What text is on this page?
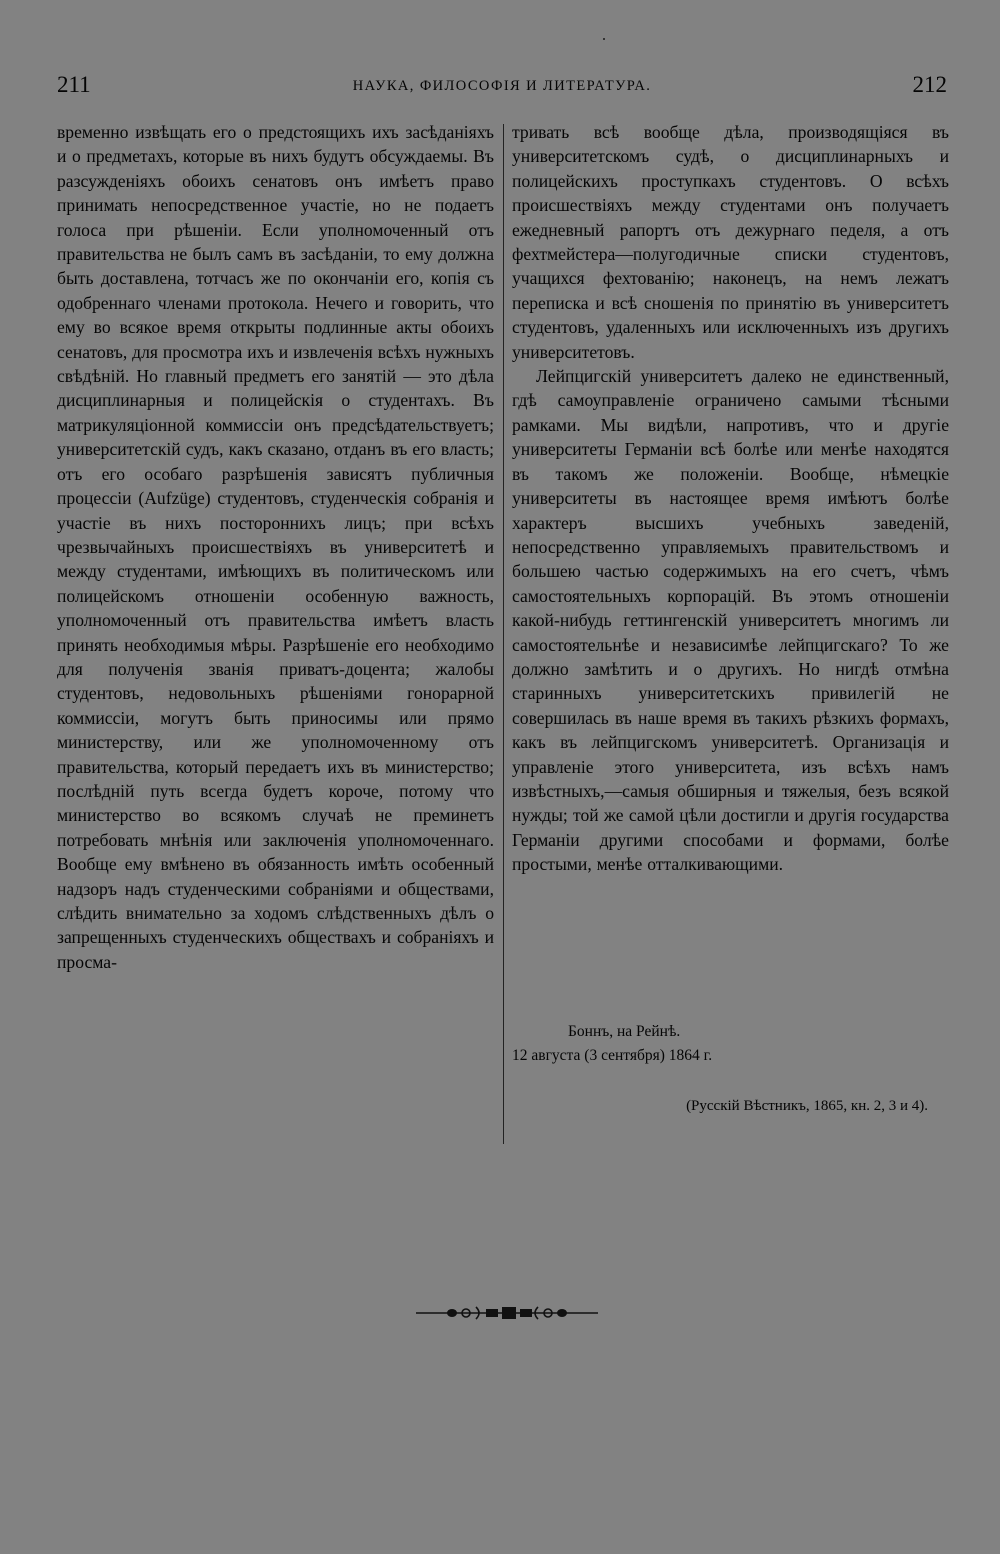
211	НАУКА, ФИЛОСОФІЯ И ЛИТЕРАТУРА.	212

временно извѣщать его о предстоящихъ ихъ засѣданіяхъ и о предметахъ, которые въ нихъ будутъ обсуждаемы. Въ разсужденіяхъ обоихъ сенатовъ онъ имѣетъ право принимать непосредственное участіе, но не подаетъ голоса при рѣшеніи. Если уполномоченный отъ правительства не былъ самъ въ засѣданіи, то ему должна быть доставлена, тотчасъ же по окончаніи его, копія съ одобреннаго членами протокола. Нечего и говорить, что ему во всякое время открыты подлинные акты обоихъ сенатовъ, для просмотра ихъ и извлеченія всѣхъ нужныхъ свѣдѣній. Но главный предметъ его занятій — это дѣла дисциплинарныя и полицейскія о студентахъ. Въ матрикуляціонной коммиссіи онъ предсѣдательствуетъ; университетскій судъ, какъ сказано, отданъ въ его власть; отъ его особаго разрѣшенія зависятъ публичныя процессіи (Aufzüge) студентовъ, студенческія собранія и участіе въ нихъ постороннихъ лицъ; при всѣхъ чрезвычайныхъ происшествіяхъ въ университетѣ и между студентами, имѣющихъ въ политическомъ или полицейскомъ отношеніи особенную важность, уполномоченный отъ правительства имѣетъ власть принять необходимыя мѣры. Разрѣшеніе его необходимо для полученія званія приватъ-доцента; жалобы студентовъ, недовольныхъ рѣшеніями гонорарной коммиссіи, могутъ быть приносимы или прямо министерству, или же уполномоченному отъ правительства, который передаетъ ихъ въ министерство; послѣдній путь всегда будетъ короче, потому что министерство во всякомъ случаѣ не преминетъ потребовать мнѣнія или заключенія уполномоченнаго. Вообще ему вмѣнено въ обязанность имѣть особенный надзоръ надъ студенческими собраніями и обществами, слѣдить внимательно за ходомъ слѣдственныхъ дѣлъ о запрещенныхъ студенческихъ обществахъ и собраніяхъ и просма-

тривать всѣ вообще дѣла, производящіяся въ университетскомъ судѣ, о дисциплинарныхъ и полицейскихъ проступкахъ студентовъ. О всѣхъ происшествіяхъ между студентами онъ получаетъ ежедневный рапортъ отъ дежурнаго педеля, а отъ фехтмейстера—полугодичные списки студентовъ, учащихся фехтованію; наконецъ, на немъ лежатъ переписка и всѣ сношенія по принятію въ университетъ студентовъ, удаленныхъ или исключенныхъ изъ другихъ университетовъ.

Лейпцигскій университетъ далеко не единственный, гдѣ самоуправленіе ограничено самыми тѣсными рамками. Мы видѣли, напротивъ, что и другіе университеты Германіи всѣ болѣе или менѣе находятся въ такомъ же положеніи. Вообще, нѣмецкіе университеты въ настоящее время имѣютъ болѣе характеръ высшихъ учебныхъ заведеній, непосредственно управляемыхъ правительствомъ и большею частью содержимыхъ на его счетъ, чѣмъ самостоятельныхъ корпорацій. Въ этомъ отношеніи какой-нибудь геттингенскій университетъ многимъ ли самостоятельнѣе и независимѣе лейпцигскаго? То же должно замѣтить и о другихъ. Но нигдѣ отмѣна старинныхъ университетскихъ привилегій не совершилась въ наше время въ такихъ рѣзкихъ формахъ, какъ въ лейпцигскомъ университетѣ. Организація и управленіе этого университета, изъ всѣхъ намъ извѣстныхъ,—самыя обширныя и тяжелыя, безъ всякой нужды; той же самой цѣли достигли и другія государства Германіи другими способами и формами, болѣе простыми, менѣе отталкивающими.

Боннъ, на Рейнѣ.
12 августа (3 сентября) 1864 г.
(Русскій Вѣстникъ, 1865, кн. 2, 3 и 4).
